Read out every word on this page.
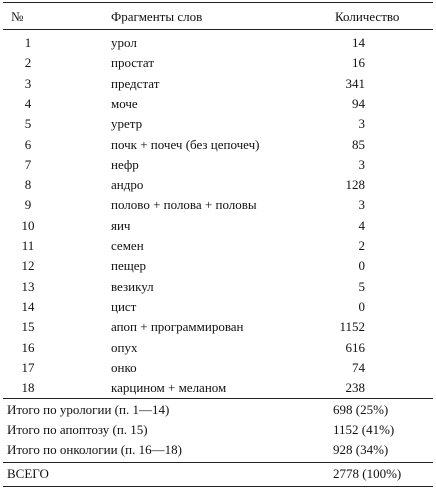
№	Фрагменты слов	Количество
1	урол	14
2	простат	16
3	предстат	341
4	моче	94
5	уретр	3
6	почк + почеч (без цепочеч)	85
7	нефр	3
8	андро	128
9	полово + полова + половы	3
10	яич	4
11	семен	2
12	пещер	0
13	везикул	5
14	цист	0
15	апоп + программирован	1152
16	опух	616
17	онко	74
18	карцином + меланом	238
Итого по урологии (п. 1—14)	698 (25%)
Итого по апоптозу (п. 15)	1152 (41%)
Итого по онкологии (п. 16—18)	928 (34%)
ВСЕГО	2778 (100%)
